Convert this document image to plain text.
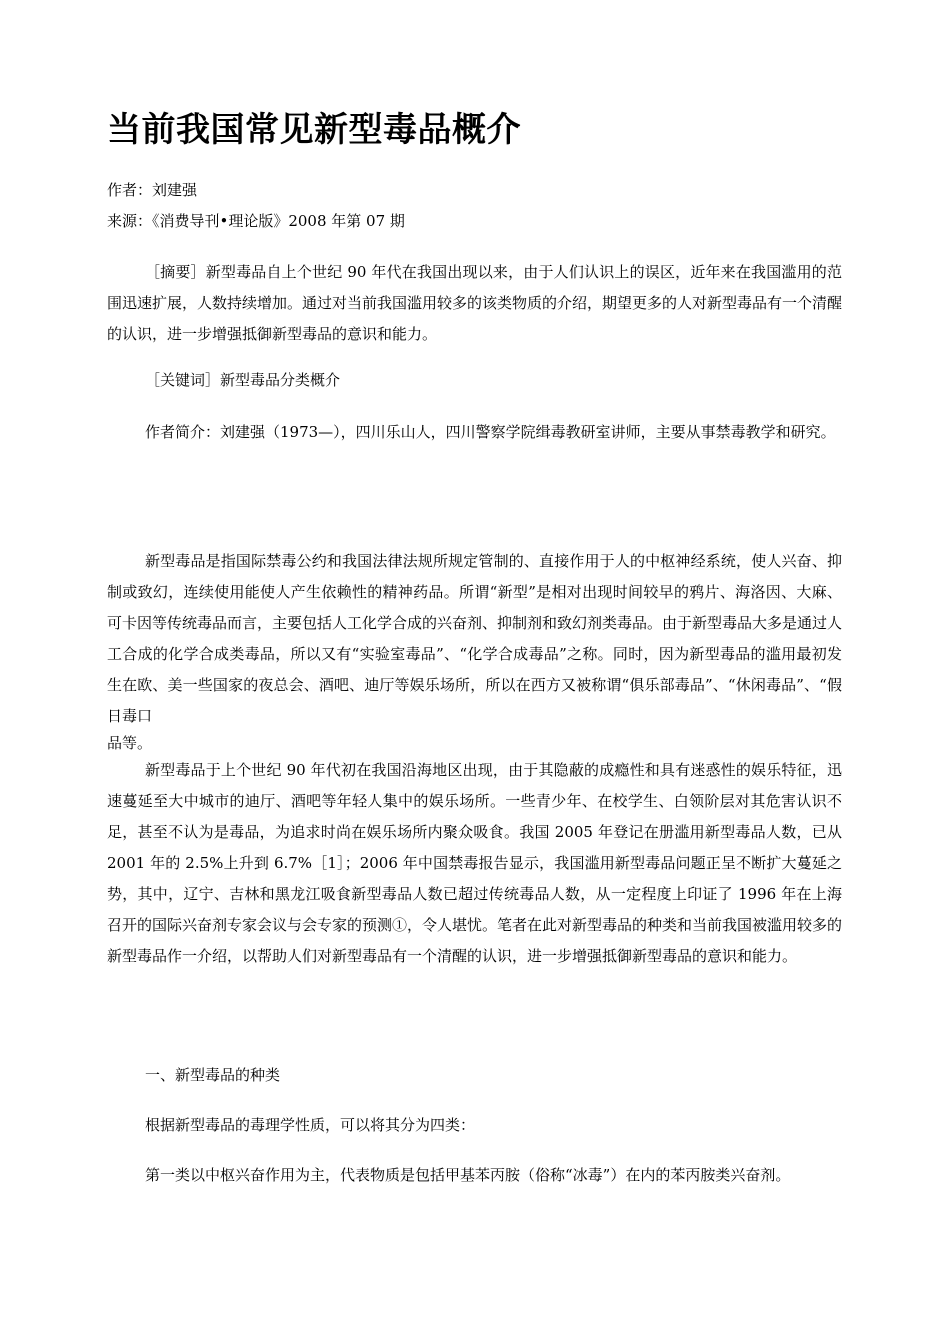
当前我国常见新型毒品概介
作者：刘建强
来源：《消费导刊•理论版》2008 年第 07 期

［摘要］新型毒品自上个世纪 90 年代在我国出现以来，由于人们认识上的误区，近年来在我国滥用的范围迅速扩展，人数持续增加。通过对当前我国滥用较多的该类物质的介绍，期望更多的人对新型毒品有一个清醒的认识，进一步增强抵御新型毒品的意识和能力。

［关键词］新型毒品分类概介

作者简介：刘建强（1973—），四川乐山人，四川警察学院缉毒教研室讲师，主要从事禁毒教学和研究。

新型毒品是指国际禁毒公约和我国法律法规所规定管制的、直接作用于人的中枢神经系统，使人兴奋、抑制或致幻，连续使用能使人产生依赖性的精神药品。所谓“新型”是相对出现时间较早的鸦片、海洛因、大麻、可卡因等传统毒品而言，主要包括人工化学合成的兴奋剂、抑制剂和致幻剂类毒品。由于新型毒品大多是通过人工合成的化学合成类毒品，所以又有“实验室毒品”、“化学合成毒品”之称。同时，因为新型毒品的滥用最初发生在欧、美一些国家的夜总会、酒吧、迪厅等娱乐场所，所以在西方又被称谓“俱乐部毒品”、“休闲毒品”、“假日毒口
品等。

新型毒品于上个世纪 90 年代初在我国沿海地区出现，由于其隐蔽的成瘾性和具有迷惑性的娱乐特征，迅速蔓延至大中城市的迪厅、酒吧等年轻人集中的娱乐场所。一些青少年、在校学生、白领阶层对其危害认识不足，甚至不认为是毒品，为追求时尚在娱乐场所内聚众吸食。我国 2005 年登记在册滥用新型毒品人数，已从 2001 年的 2.5%上升到 6.7%［1］；2006 年中国禁毒报告显示，我国滥用新型毒品问题正呈不断扩大蔓延之势，其中，辽宁、吉林和黑龙江吸食新型毒品人数已超过传统毒品人数，从一定程度上印证了 1996 年在上海召开的国际兴奋剂专家会议与会专家的预测①，令人堪忧。笔者在此对新型毒品的种类和当前我国被滥用较多的新型毒品作一介绍，以帮助人们对新型毒品有一个清醒的认识，进一步增强抵御新型毒品的意识和能力。

一、新型毒品的种类

根据新型毒品的毒理学性质，可以将其分为四类：

第一类以中枢兴奋作用为主，代表物质是包括甲基苯丙胺（俗称“冰毒”）在内的苯丙胺类兴奋剂。
